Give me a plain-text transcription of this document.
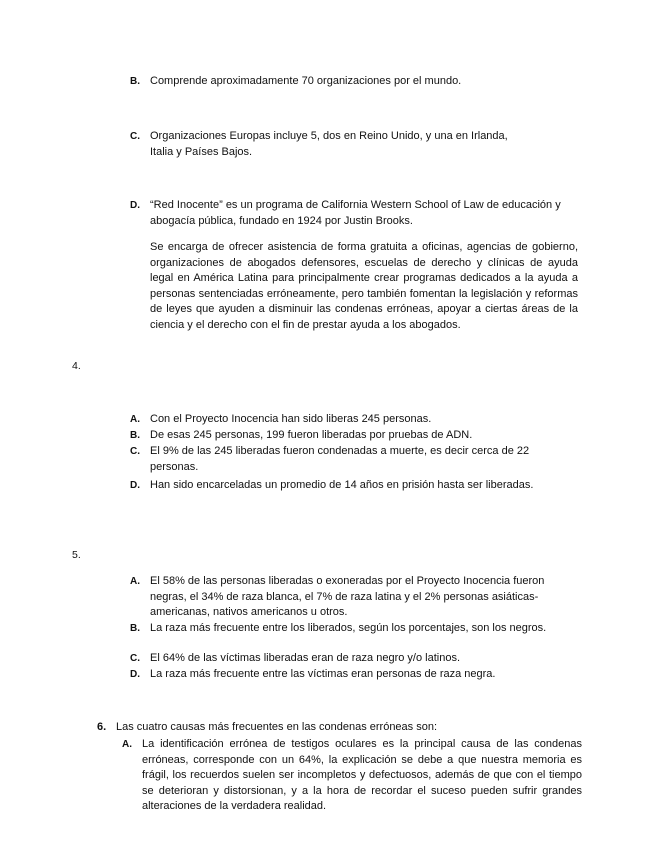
B. Comprende aproximadamente 70 organizaciones por el mundo.
C. Organizaciones Europas incluye 5, dos en Reino Unido, y una en Irlanda, Italia y Países Bajos.
D. “Red Inocente” es un programa de California Western School of Law de educación y abogacía pública, fundado en 1924 por Justin Brooks.
Se encarga de ofrecer asistencia de forma gratuita a oficinas, agencias de gobierno, organizaciones de abogados defensores, escuelas de derecho y clínicas de ayuda legal en América Latina para principalmente crear programas dedicados a la ayuda a personas sentenciadas erróneamente, pero también fomentan la legislación y reformas de leyes que ayuden a disminuir las condenas erróneas, apoyar a ciertas áreas de la ciencia y el derecho con el fin de prestar ayuda a los abogados.
4.
A. Con el Proyecto Inocencia han sido liberas 245 personas.
B. De esas 245 personas, 199 fueron liberadas por pruebas de ADN.
C. El 9% de las 245 liberadas fueron condenadas a muerte, es decir cerca de 22 personas.
D. Han sido encarceladas un promedio de 14 años en prisión hasta ser liberadas.
5.
A. El 58% de las personas liberadas o exoneradas por el Proyecto Inocencia fueron negras, el 34% de raza blanca, el 7% de raza latina y el 2% personas asiáticas-americanas, nativos americanos u otros.
B. La raza más frecuente entre los liberados, según los porcentajes, son los negros.
C. El 64% de las víctimas liberadas eran de raza negro y/o latinos.
D. La raza más frecuente entre las víctimas eran personas de raza negra.
6. Las cuatro causas más frecuentes en las condenas erróneas son:
A. La identificación errónea de testigos oculares es la principal causa de las condenas erróneas, corresponde con un 64%, la explicación se debe a que nuestra memoria es frágil, los recuerdos suelen ser incompletos y defectuosos, además de que con el tiempo se deterioran y distorsionan, y a la hora de recordar el suceso pueden sufrir grandes alteraciones de la verdadera realidad.
